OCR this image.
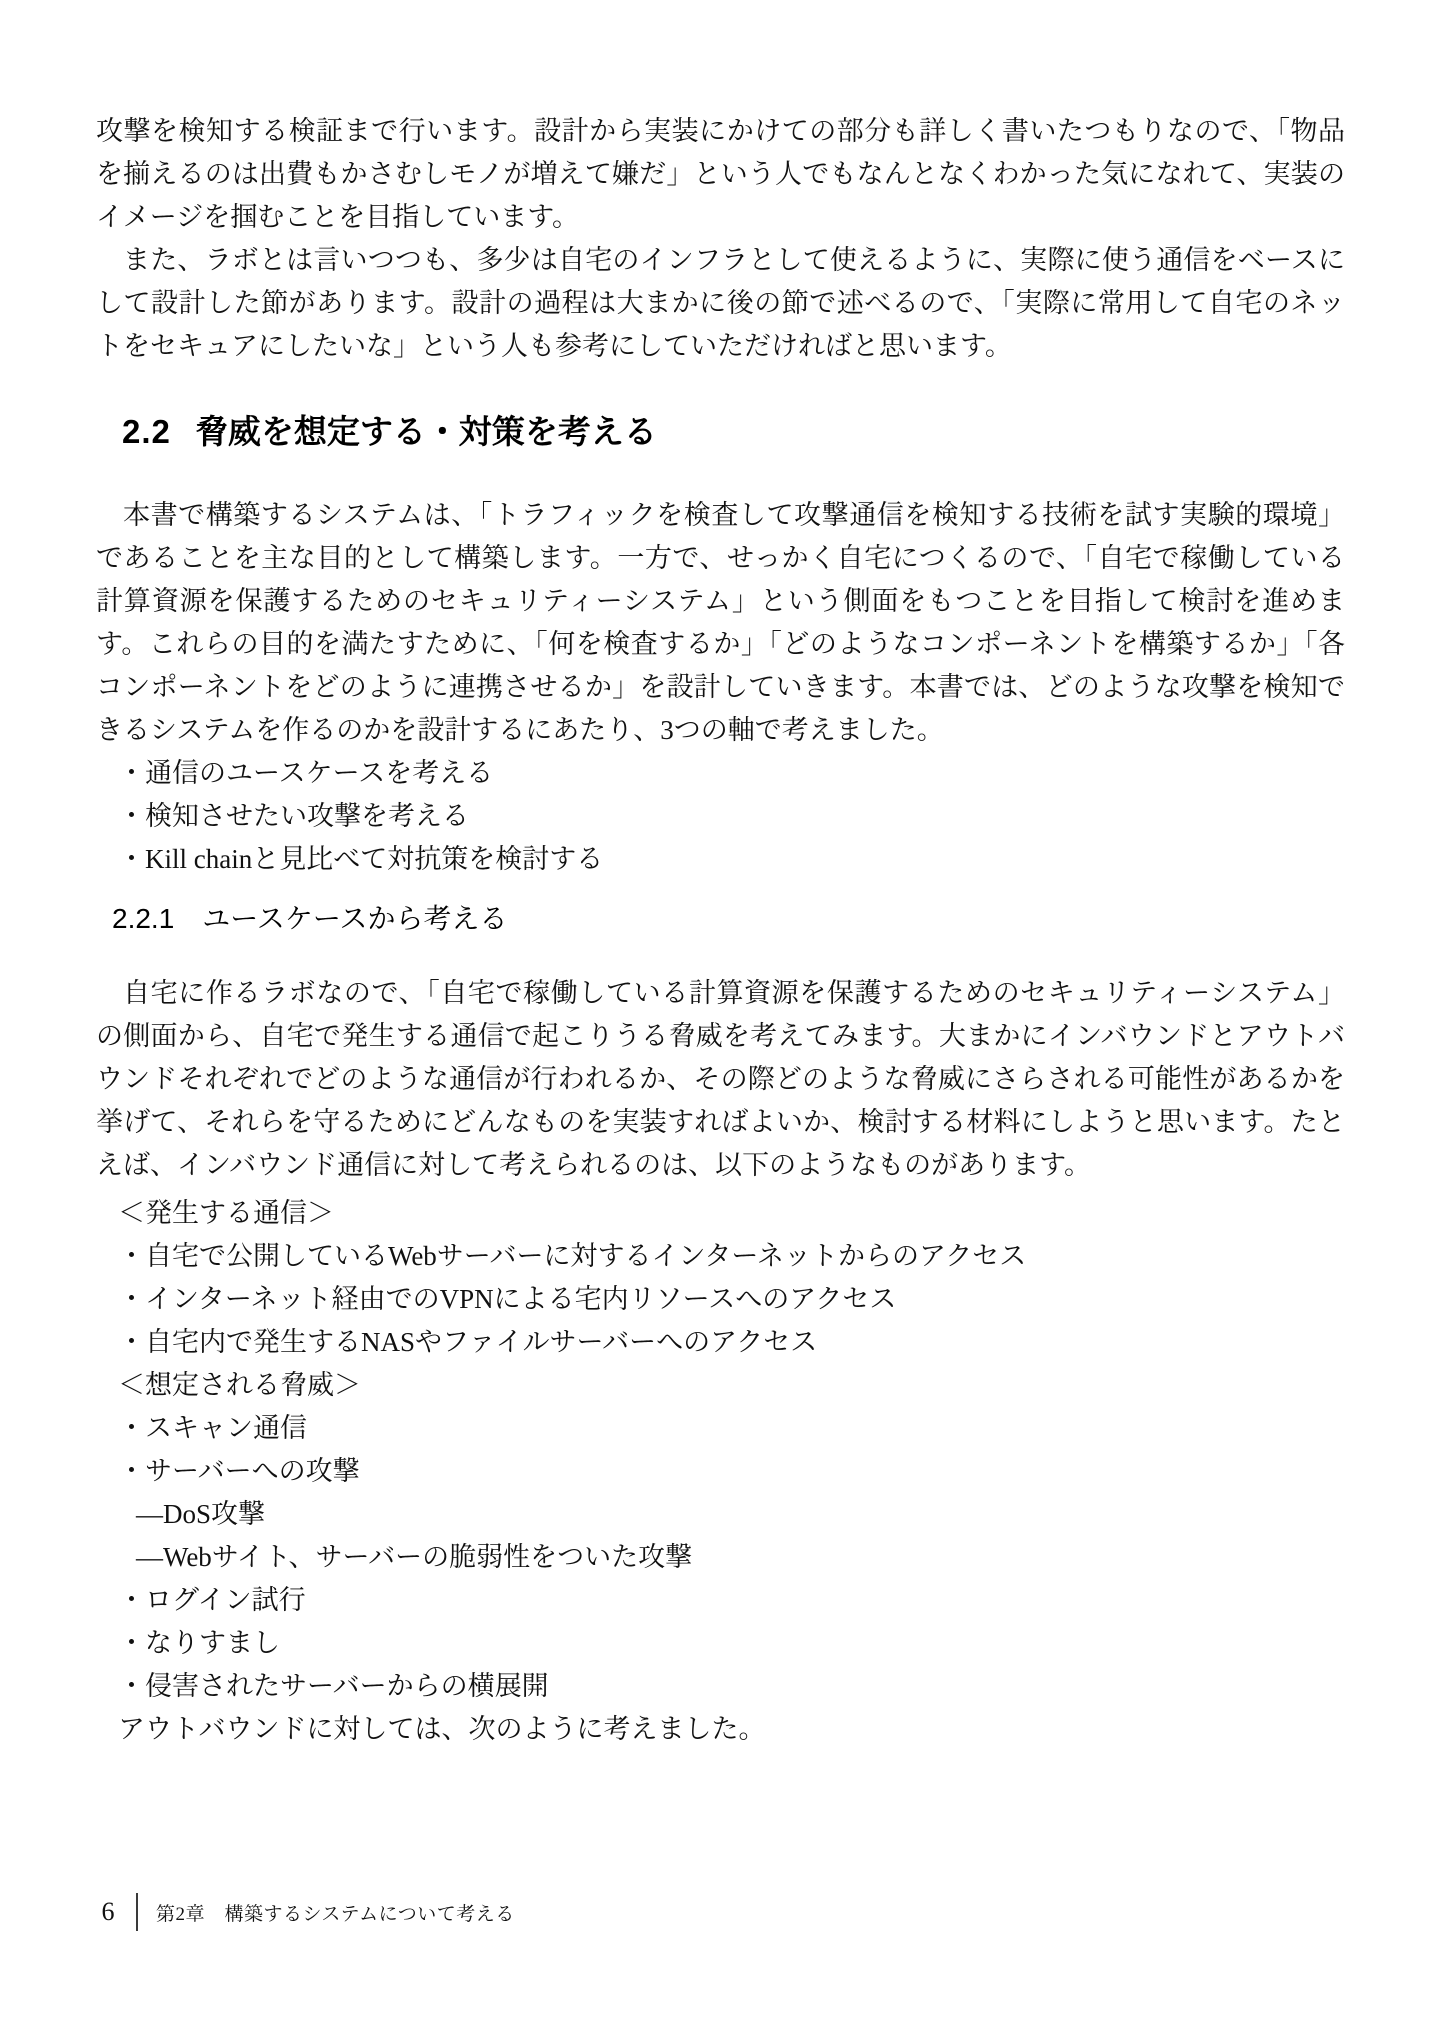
攻撃を検知する検証まで行います。設計から実装にかけての部分も詳しく書いたつもりなので、「物品を揃えるのは出費もかさむしモノが増えて嫌だ」という人でもなんとなくわかった気になれて、実装のイメージを掴むことを目指しています。

また、ラボとは言いつつも、多少は自宅のインフラとして使えるように、実際に使う通信をベースにして設計した節があります。設計の過程は大まかに後の節で述べるので、「実際に常用して自宅のネットをセキュアにしたいな」という人も参考にしていただければと思います。

2.2 脅威を想定する・対策を考える

本書で構築するシステムは、「トラフィックを検査して攻撃通信を検知する技術を試す実験的環境」であることを主な目的として構築します。一方で、せっかく自宅につくるので、「自宅で稼働している計算資源を保護するためのセキュリティーシステム」という側面をもつことを目指して検討を進めます。これらの目的を満たすために、「何を検査するか」「どのようなコンポーネントを構築するか」「各コンポーネントをどのように連携させるか」を設計していきます。本書では、どのような攻撃を検知できるシステムを作るのかを設計するにあたり、3つの軸で考えました。

・通信のユースケースを考える
・検知させたい攻撃を考える
・Kill chainと見比べて対抗策を検討する
2.2.1 ユースケースから考える

自宅に作るラボなので、「自宅で稼働している計算資源を保護するためのセキュリティーシステム」の側面から、自宅で発生する通信で起こりうる脅威を考えてみます。大まかにインバウンドとアウトバウンドそれぞれでどのような通信が行われるか、その際どのような脅威にさらされる可能性があるかを挙げて、それらを守るためにどんなものを実装すればよいか、検討する材料にしようと思います。たとえば、インバウンド通信に対して考えられるのは、以下のようなものがあります。

＜発生する通信＞
・自宅で公開しているWebサーバーに対するインターネットからのアクセス
・インターネット経由でのVPNによる宅内リソースへのアクセス
・自宅内で発生するNASやファイルサーバーへのアクセス
＜想定される脅威＞
・スキャン通信
・サーバーへの攻撃
―DoS攻撃
―Webサイト、サーバーの脆弱性をついた攻撃
・ログイン試行
・なりすまし
・侵害されたサーバーからの横展開
アウトバウンドに対しては、次のように考えました。
6 第2章　構築するシステムについて考える
